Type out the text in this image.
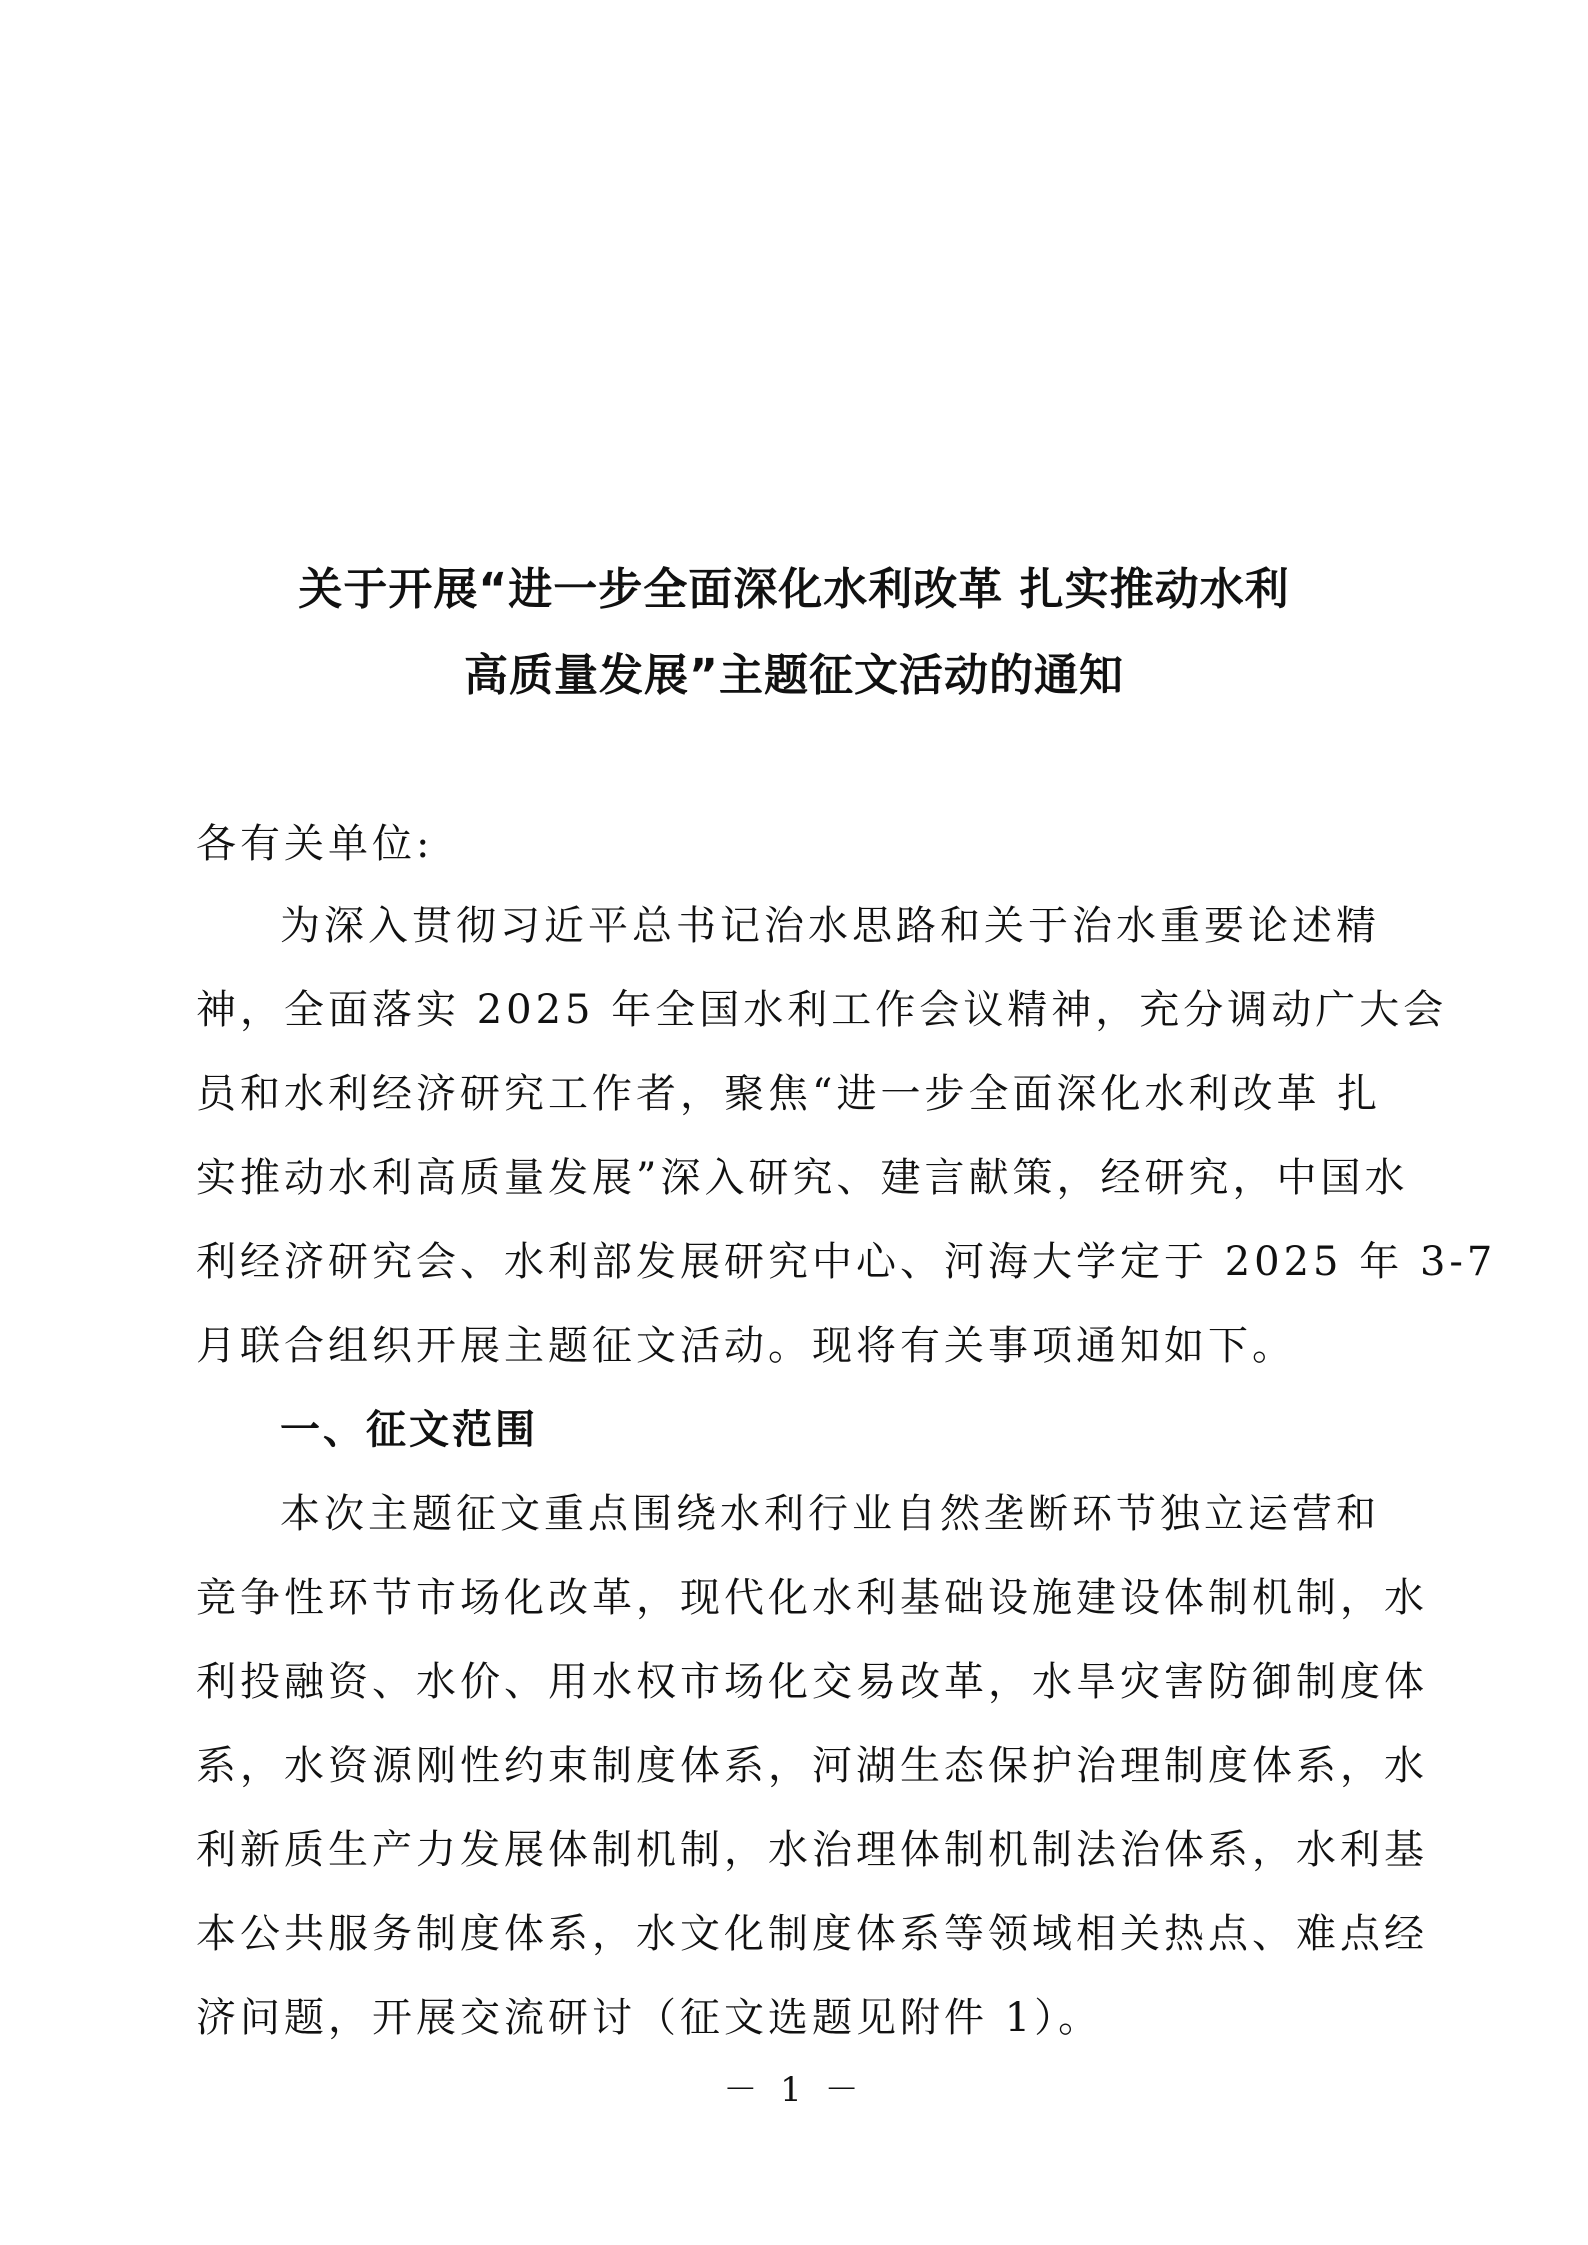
关于开展“进一步全面深化水利改革 扎实推动水利
高质量发展”主题征文活动的通知
各有关单位:
为深入贯彻习近平总书记治水思路和关于治水重要论述精
神，全面落实 2025 年全国水利工作会议精神，充分调动广大会
员和水利经济研究工作者，聚焦“进一步全面深化水利改革 扎
实推动水利高质量发展”深入研究、建言献策，经研究，中国水
利经济研究会、水利部发展研究中心、河海大学定于 2025 年 3-7
月联合组织开展主题征文活动。现将有关事项通知如下。
一、征文范围
本次主题征文重点围绕水利行业自然垄断环节独立运营和
竞争性环节市场化改革，现代化水利基础设施建设体制机制，水
利投融资、水价、用水权市场化交易改革，水旱灾害防御制度体
系，水资源刚性约束制度体系，河湖生态保护治理制度体系，水
利新质生产力发展体制机制，水治理体制机制法治体系，水利基
本公共服务制度体系，水文化制度体系等领域相关热点、难点经
济问题，开展交流研讨（征文选题见附件 1）。
－ 1 －
